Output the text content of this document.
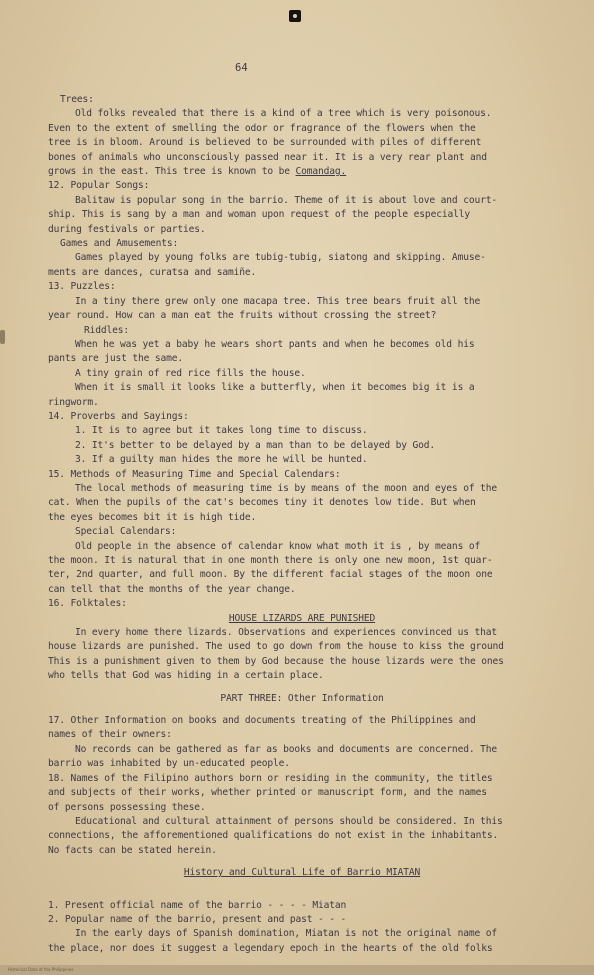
64

Trees:

Old folks revealed that there is a kind of a tree which is very poisonous.

Even to the extent of smelling the odor or fragrance of the flowers when the

tree is in bloom. Around is believed to be surrounded with piles of different

bones of animals who unconsciously passed near it. It is a very rear plant and

grows in the east. This tree is known to be Comandag.

12. Popular Songs:

Balitaw is popular song in the barrio. Theme of it is about love and court-

ship. This is sang by a man and woman upon request of the people especially

during festivals or parties.

Games and Amusements:

Games played by young folks are tubig-tubig, siatong and skipping. Amuse-

ments are dances, curatsa and samiñe.

13. Puzzles:

In a tiny there grew only one macapa tree. This tree bears fruit all the

year round. How can a man eat the fruits without crossing the street?

Riddles:

When he was yet a baby he wears short pants and when he becomes old his

pants are just the same.

A tiny grain of red rice fills the house.

When it is small it looks like a butterfly, when it becomes big it is a

ringworm.

14. Proverbs and Sayings:

1. It is to agree but it takes long time to discuss.

2. It's better to be delayed by a man than to be delayed by God.

3. If a guilty man hides the more he will be hunted.

15. Methods of Measuring Time and Special Calendars:

The local methods of measuring time is by means of the moon and eyes of the

cat. When the pupils of the cat's becomes tiny it denotes low tide. But when

the eyes becomes bit it is high tide.

Special Calendars:

Old people in the absence of calendar know what moth it is , by means of

the moon. It is natural that in one month there is only one new moon, 1st quar-

ter, 2nd quarter, and full moon. By the different facial stages of the moon one

can tell that the months of the year change.

16. Folktales:

HOUSE LIZARDS ARE PUNISHED

In every home there lizards. Observations and experiences convinced us that

house lizards are punished. The used to go down from the house to kiss the ground

This is a punishment given to them by God because the house lizards were the ones

who tells that God was hiding in a certain place.

PART THREE: Other Information

17. Other Information on books and documents treating of the Philippines and

names of their owners:

No records can be gathered as far as books and documents are concerned. The

barrio was inhabited by un-educated people.

18. Names of the Filipino authors born or residing in the community, the titles

and subjects of their works, whether printed or manuscript form, and the names

of persons possessing these.

Educational and cultural attainment of persons should be considered. In this

connections, the afforementioned qualifications do not exist in the inhabitants.

No facts can be stated herein.

History and Cultural Life of Barrio MIATAN

1. Present official name of the barrio - - - - Miatan

2. Popular name of the barrio, present and past - - -

In the early days of Spanish domination, Miatan is not the original name of

the place, nor does it suggest a legendary epoch in the hearts of the old folks

Historical Data of the Philippines
